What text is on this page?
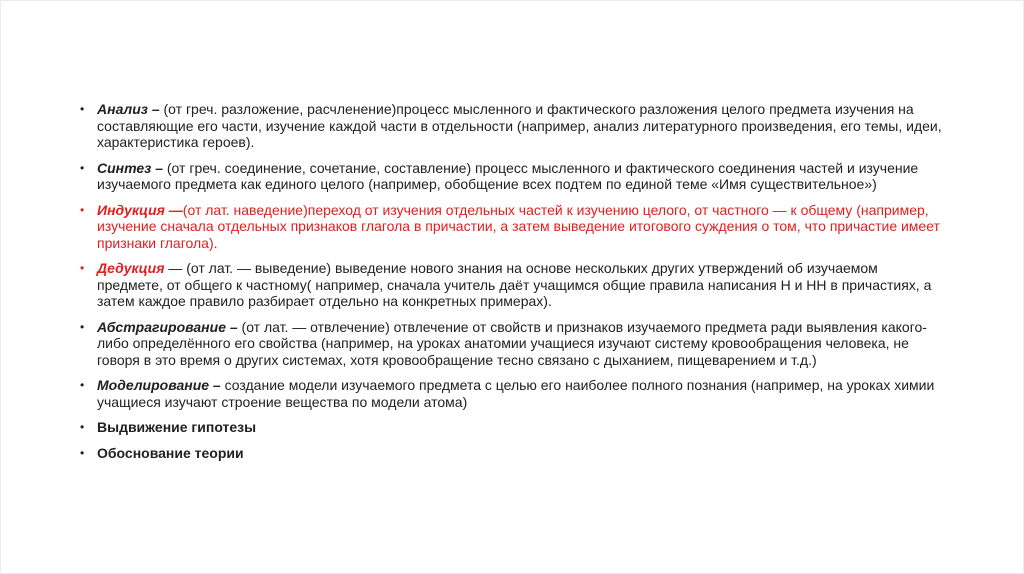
• Анализ – (от греч. разложение, расчленение)процесс мысленного и фактического разложения целого предмета изучения на составляющие его части, изучение каждой части в отдельности (например, анализ литературного произведения, его темы, идеи, характеристика героев).
• Синтез – (от греч. соединение, сочетание, составление) процесс мысленного и фактического соединения частей и изучение изучаемого предмета как единого целого (например, обобщение всех подтем по единой теме «Имя существительное»)
• Индукция —(от лат. наведение)переход от изучения отдельных частей к изучению целого, от частного — к общему (например, изучение сначала отдельных признаков глагола в причастии, а затем выведение итогового суждения о том, что причастие имеет признаки глагола).
• Дедукция — (от лат. — выведение) выведение нового знания на основе нескольких других утверждений об изучаемом предмете, от общего к частному( например, сначала учитель даёт учащимся общие правила написания Н и НН в причастиях, а затем каждое правило разбирает отдельно на конкретных примерах).
• Абстрагирование – (от лат. — отвлечение) отвлечение от свойств и признаков изучаемого предмета ради выявления какого-либо определённого его свойства (например, на уроках анатомии учащиеся изучают систему кровообращения человека, не говоря в это время о других системах, хотя кровообращение тесно связано с дыханием, пищеварением и т.д.)
• Моделирование – создание модели изучаемого предмета с целью его наиболее полного познания (например, на уроках химии учащиеся изучают строение вещества по модели атома)
• Выдвижение гипотезы
• Обоснование теории
